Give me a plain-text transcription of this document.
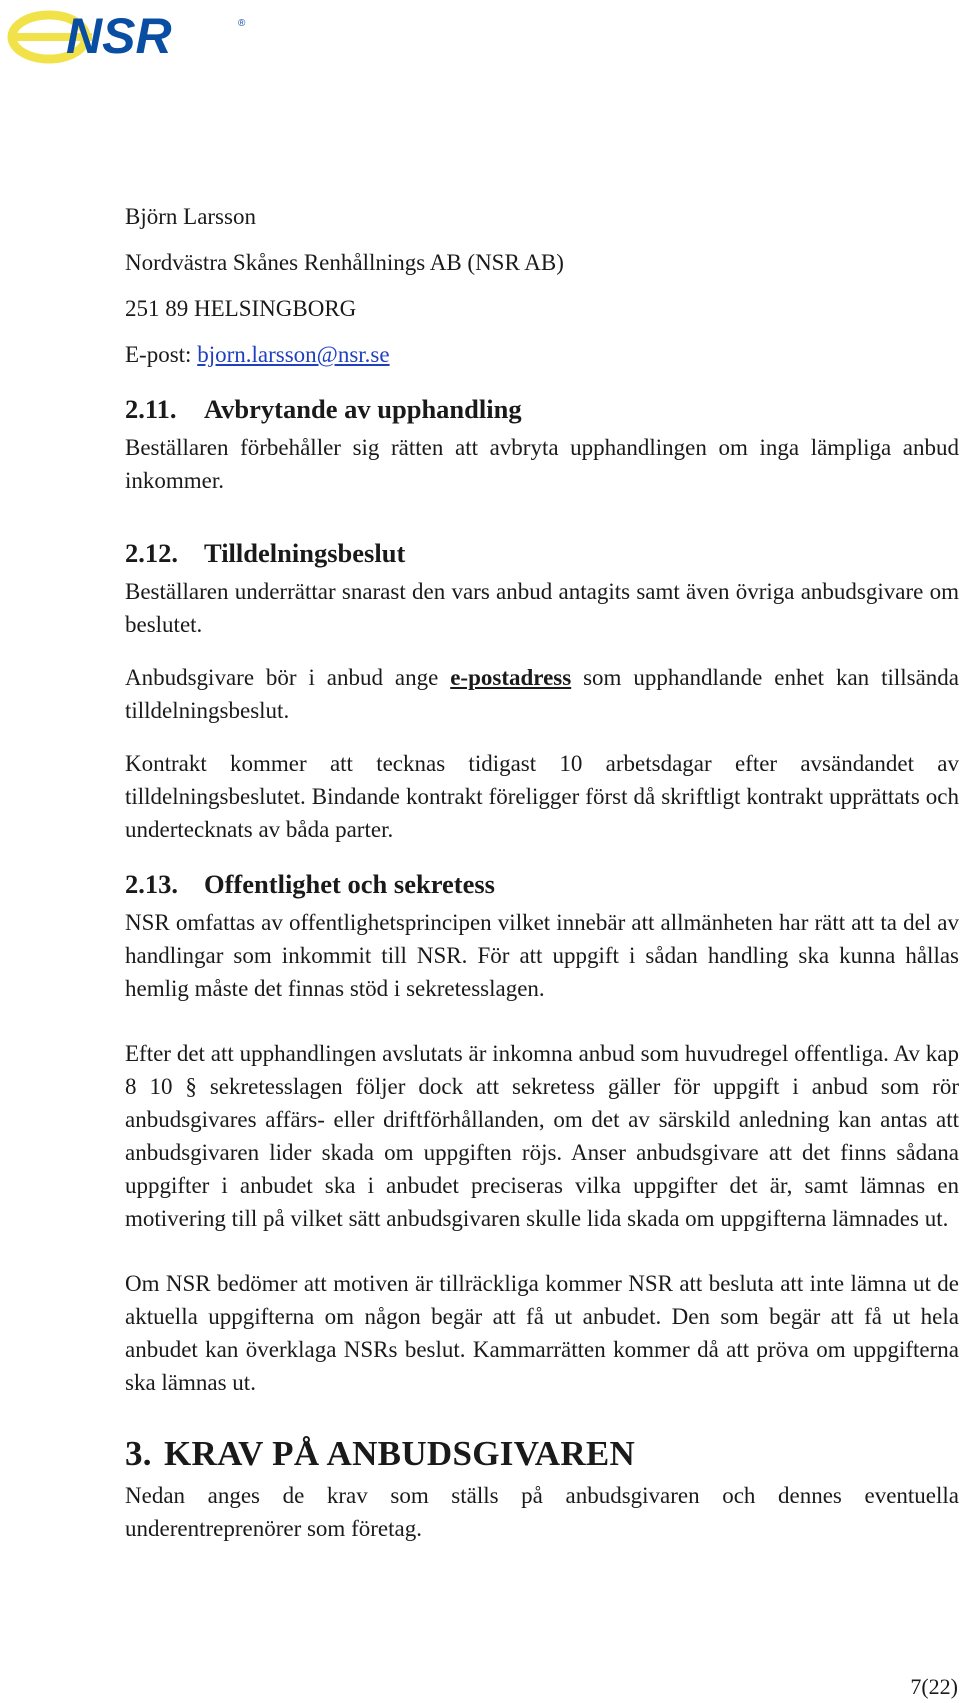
NSR	®
Björn Larsson
Nordvästra Skånes Renhållnings AB (NSR AB)
251 89 HELSINGBORG
E-post: bjorn.larsson@nsr.se
2.11. Avbrytande av upphandling

Beställaren förbehåller sig rätten att avbryta upphandlingen om inga lämpliga anbud inkommer.

2.12. Tilldelningsbeslut

Beställaren underrättar snarast den vars anbud antagits samt även övriga anbudsgivare om beslutet.

Anbudsgivare bör i anbud ange e-postadress som upphandlande enhet kan tillsända tilldelningsbeslut.

Kontrakt kommer att tecknas tidigast 10 arbetsdagar efter avsändandet av tilldelningsbeslutet. Bindande kontrakt föreligger först då skriftligt kontrakt upprättats och undertecknats av båda parter.

2.13. Offentlighet och sekretess

NSR omfattas av offentlighetsprincipen vilket innebär att allmänheten har rätt att ta del av handlingar som inkommit till NSR. För att uppgift i sådan handling ska kunna hållas hemlig måste det finnas stöd i sekretesslagen.

Efter det att upphandlingen avslutats är inkomna anbud som huvudregel offentliga. Av kap 8 10 § sekretesslagen följer dock att sekretess gäller för uppgift i anbud som rör anbudsgivares affärs- eller driftförhållanden, om det av särskild anledning kan antas att anbudsgivaren lider skada om uppgiften röjs. Anser anbudsgivare att det finns sådana uppgifter i anbudet ska i anbudet preciseras vilka uppgifter det är, samt lämnas en motivering till på vilket sätt anbudsgivaren skulle lida skada om uppgifterna lämnades ut.

Om NSR bedömer att motiven är tillräckliga kommer NSR att besluta att inte lämna ut de aktuella uppgifterna om någon begär att få ut anbudet. Den som begär att få ut hela anbudet kan överklaga NSRs beslut. Kammarrätten kommer då att pröva om uppgifterna ska lämnas ut.

3. KRAV PÅ ANBUDSGIVAREN

Nedan anges de krav som ställs på anbudsgivaren och dennes eventuella underentreprenörer som företag.

7(22)
